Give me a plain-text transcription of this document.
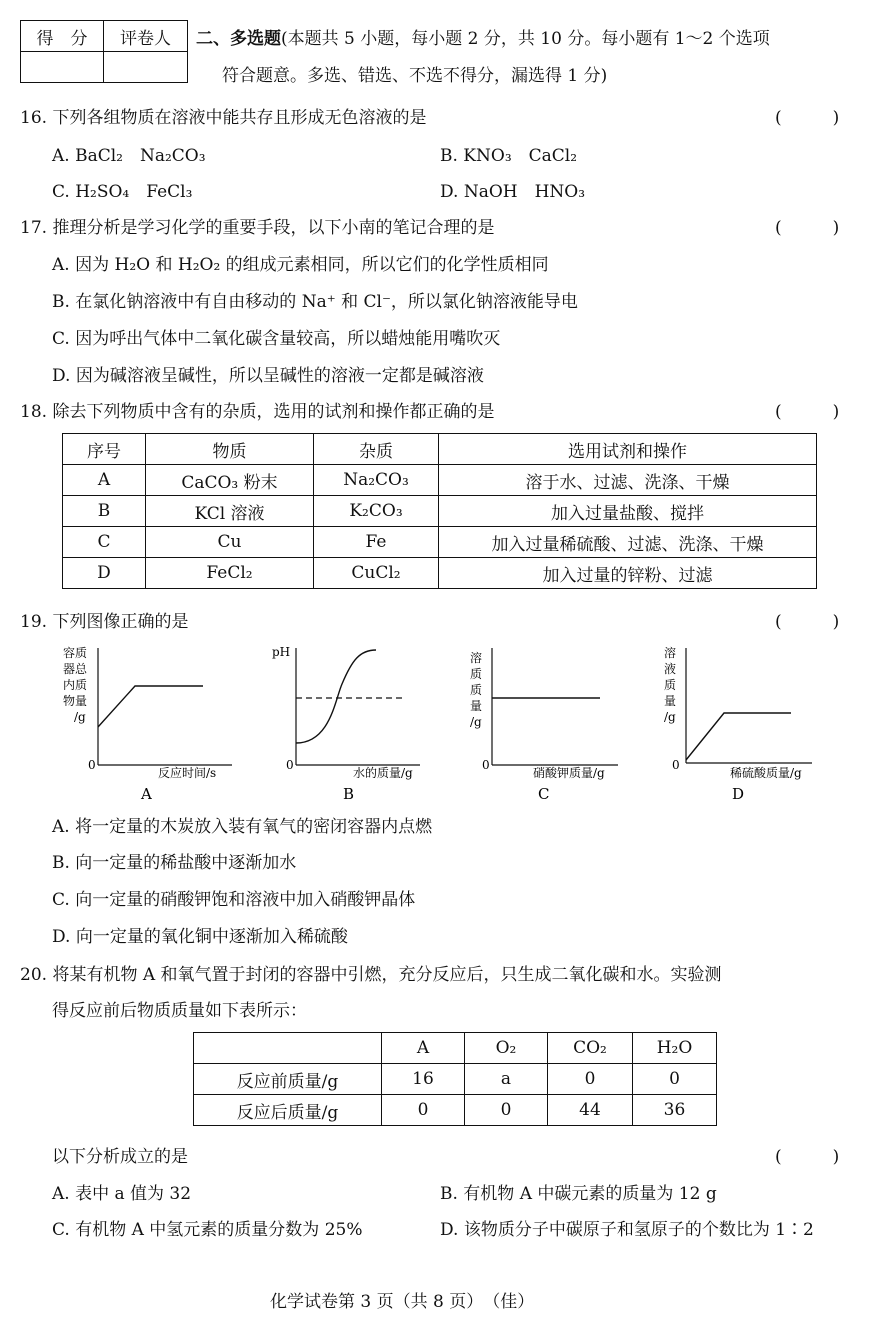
得　分	评卷人
	二、多选题(本题共 5 小题，每小题 2 分，共 10 分。每小题有 1～2 个选项
符合题意。多选、错选、不选不得分，漏选得 1 分)
16. 下列各组物质在溶液中能共存且形成无色溶液的是	(　　　)
A. BaCl₂　Na₂CO₃	B. KNO₃　CaCl₂
C. H₂SO₄　FeCl₃	D. NaOH　HNO₃
17. 推理分析是学习化学的重要手段，以下小南的笔记合理的是	(　　　)
A. 因为 H₂O 和 H₂O₂ 的组成元素相同，所以它们的化学性质相同
B. 在氯化钠溶液中有自由移动的 Na⁺ 和 Cl⁻，所以氯化钠溶液能导电
C. 因为呼出气体中二氧化碳含量较高，所以蜡烛能用嘴吹灭
D. 因为碱溶液呈碱性，所以呈碱性的溶液一定都是碱溶液
18. 除去下列物质中含有的杂质，选用的试剂和操作都正确的是	(　　　)
序号	物质	杂质	选用试剂和操作
A	CaCO₃ 粉末	Na₂CO₃	溶于水、过滤、洗涤、干燥
B	KCl 溶液	K₂CO₃	加入过量盐酸、搅拌
C	Cu	Fe	加入过量稀硫酸、过滤、洗涤、干燥
D	FeCl₂	CuCl₂	加入过量的锌粉、过滤
19. 下列图像正确的是	(　　　)
容质
器总
内质
物量
/g
0
反应时间/s
A
pH
0
水的质量/g
B
溶
质
质
量
/g
0
硝酸钾质量/g
C
溶
液
质
量
/g
0
稀硫酸质量/g
D
A. 将一定量的木炭放入装有氧气的密闭容器内点燃
B. 向一定量的稀盐酸中逐渐加水
C. 向一定量的硝酸钾饱和溶液中加入硝酸钾晶体
D. 向一定量的氧化铜中逐渐加入稀硫酸
20. 将某有机物 A 和氧气置于封闭的容器中引燃，充分反应后，只生成二氧化碳和水。实验测
得反应前后物质质量如下表所示：
	A	O₂	CO₂	H₂O
反应前质量/g	16	a	0	0
反应后质量/g	0	0	44	36
以下分析成立的是	(　　　)
A. 表中 a 值为 32	B. 有机物 A 中碳元素的质量为 12 g
C. 有机物 A 中氢元素的质量分数为 25%	D. 该物质分子中碳原子和氢原子的个数比为 1∶2
化学试卷第 3 页（共 8 页）　（佳）
